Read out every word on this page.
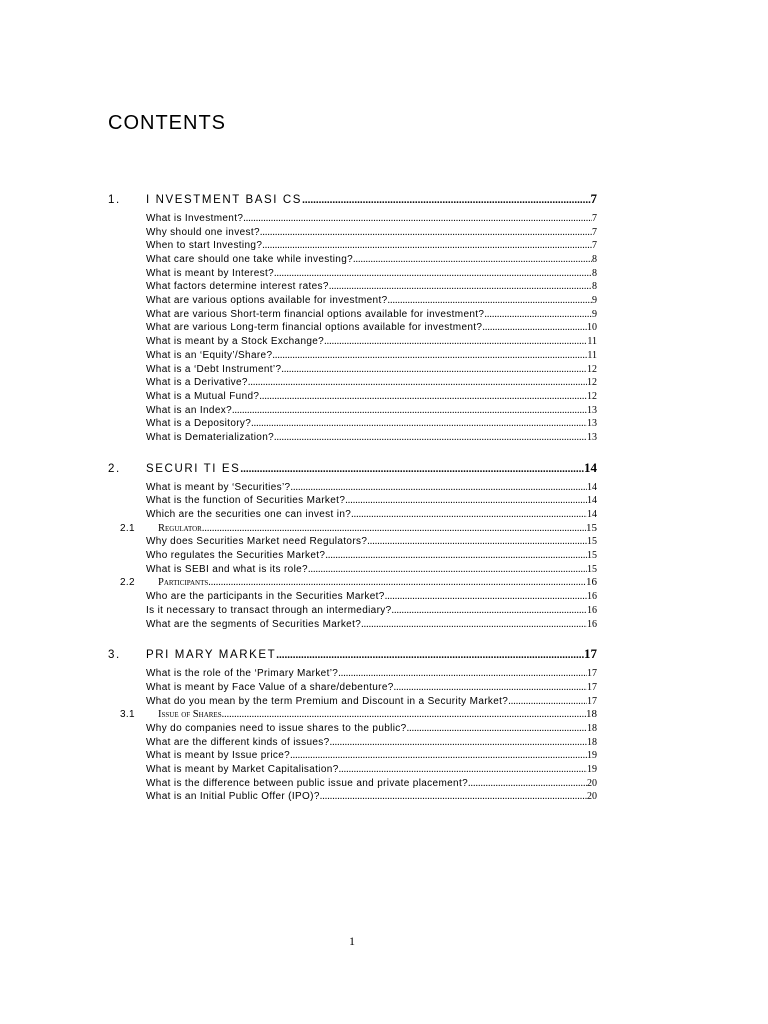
CONTENTS
1. I NVESTMENT BASI CS .....	7
What is Investment? .....	7
Why should one invest? .....	7
When to start Investing? .....	7
What care should one take while investing? .....	8
What is meant by Interest? .....	8
What factors determine interest rates? .....	8
What are various options available for investment? .....	9
What are various Short-term financial options available for investment? .....	9
What are various Long-term financial options available for investment? .....	10
What is meant by a Stock Exchange? .....	11
What is an ‘Equity’/Share? .....	11
What is a ‘Debt Instrument’? .....	12
What is a Derivative? .....	12
What is a Mutual Fund? .....	12
What is an Index? .....	13
What is a Depository? .....	13
What is Dematerialization? .....	13
2. SECURI TI ES .....	14
What is meant by ‘Securities’? .....	14
What is the function of Securities Market? .....	14
Which are the securities one can invest in? .....	14
2.1 Regulator .....	15
Why does Securities Market need Regulators? .....	15
Who regulates the Securities Market? .....	15
What is SEBI and what is its role? .....	15
2.2 Participants .....	16
Who are the participants in the Securities Market? .....	16
Is it necessary to transact through an intermediary? .....	16
What are the segments of Securities Market? .....	16
3. PRI MARY MARKET .....	17
What is the role of the ‘Primary Market’? .....	17
What is meant by Face Value of a share/debenture? .....	17
What do you mean by the term Premium and Discount in a Security Market? .....	17
3.1 Issue of Shares .....	18
Why do companies need to issue shares to the public? .....	18
What are the different kinds of issues? .....	18
What is meant by Issue price? .....	19
What is meant by Market Capitalisation? .....	19
What is the difference between public issue and private placement? .....	20
What is an Initial Public Offer (IPO)? .....	20
1
